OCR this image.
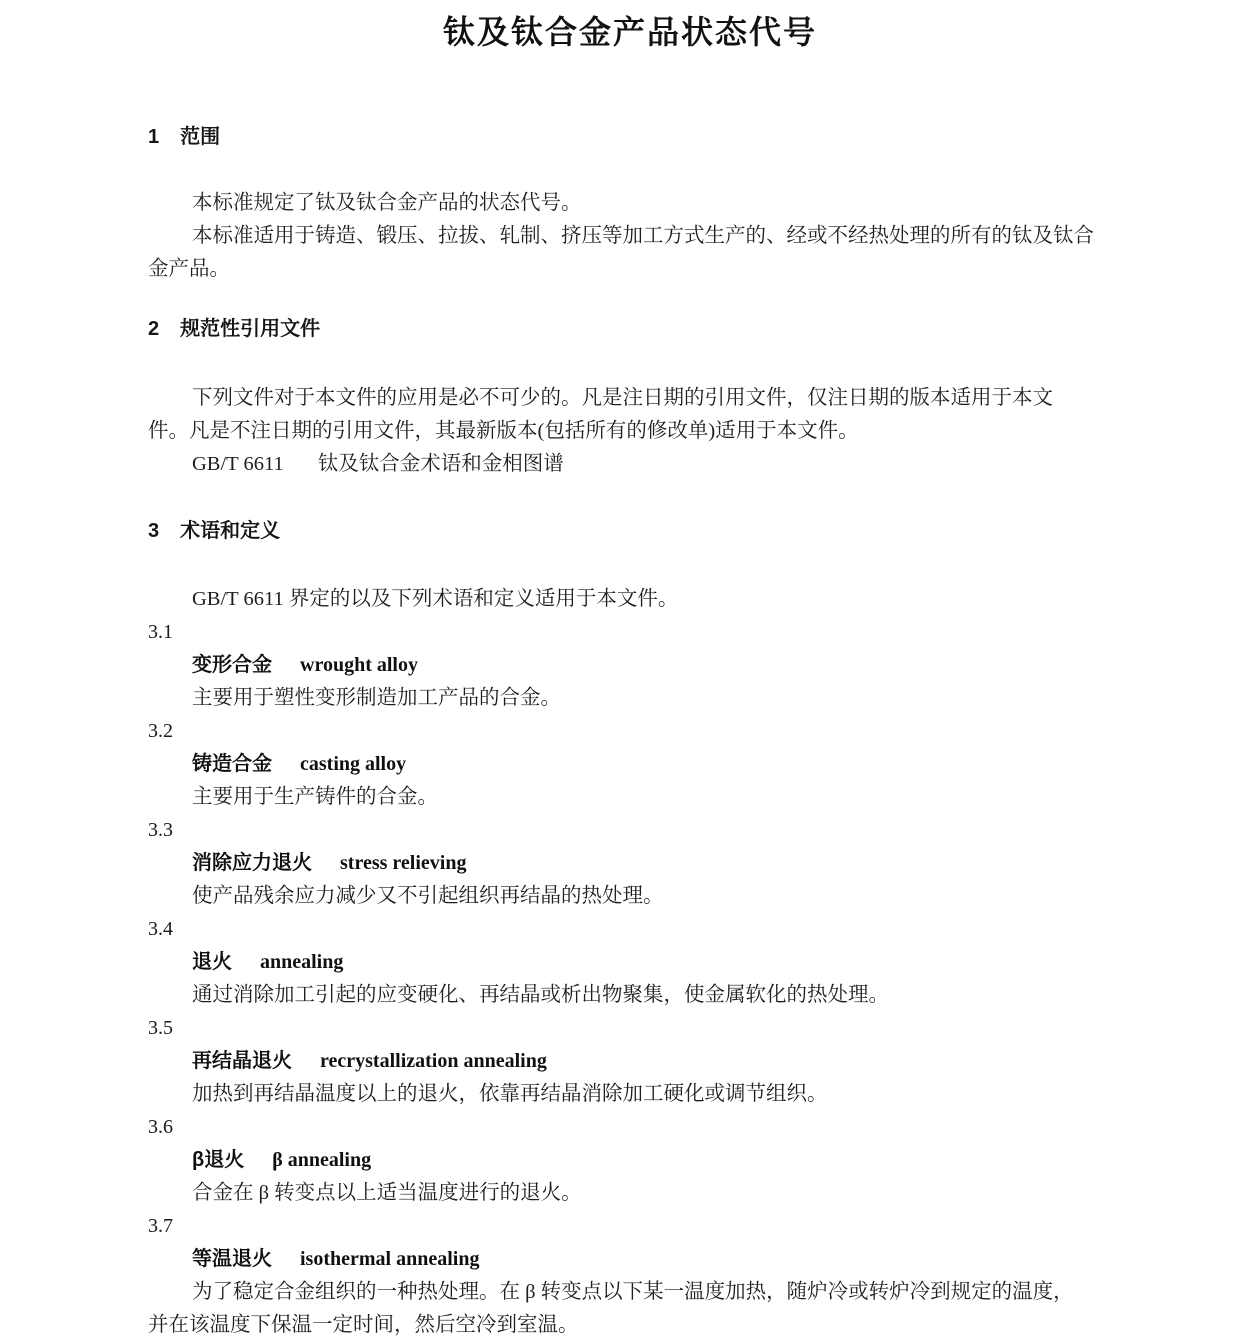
钛及钛合金产品状态代号
1 范围

本标准规定了钛及钛合金产品的状态代号。

本标准适用于铸造、锻压、拉拔、轧制、挤压等加工方式生产的、经或不经热处理的所有的钛及钛合

金产品。

2 规范性引用文件

下列文件对于本文件的应用是必不可少的。凡是注日期的引用文件，仅注日期的版本适用于本文

件。凡是不注日期的引用文件，其最新版本(包括所有的修改单)适用于本文件。

GB/T 6611 钛及钛合金术语和金相图谱

3 术语和定义

GB/T 6611 界定的以及下列术语和定义适用于本文件。

3.1

变形合金 wrought alloy

主要用于塑性变形制造加工产品的合金。

3.2

铸造合金 casting alloy

主要用于生产铸件的合金。

3.3

消除应力退火 stress relieving

使产品残余应力减少又不引起组织再结晶的热处理。

3.4

退火 annealing

通过消除加工引起的应变硬化、再结晶或析出物聚集，使金属软化的热处理。

3.5

再结晶退火 recrystallization annealing

加热到再结晶温度以上的退火，依靠再结晶消除加工硬化或调节组织。

3.6

β退火 β annealing

合金在 β 转变点以上适当温度进行的退火。

3.7

等温退火 isothermal annealing

为了稳定合金组织的一种热处理。在 β 转变点以下某一温度加热，随炉冷或转炉冷到规定的温度，

并在该温度下保温一定时间，然后空冷到室温。
